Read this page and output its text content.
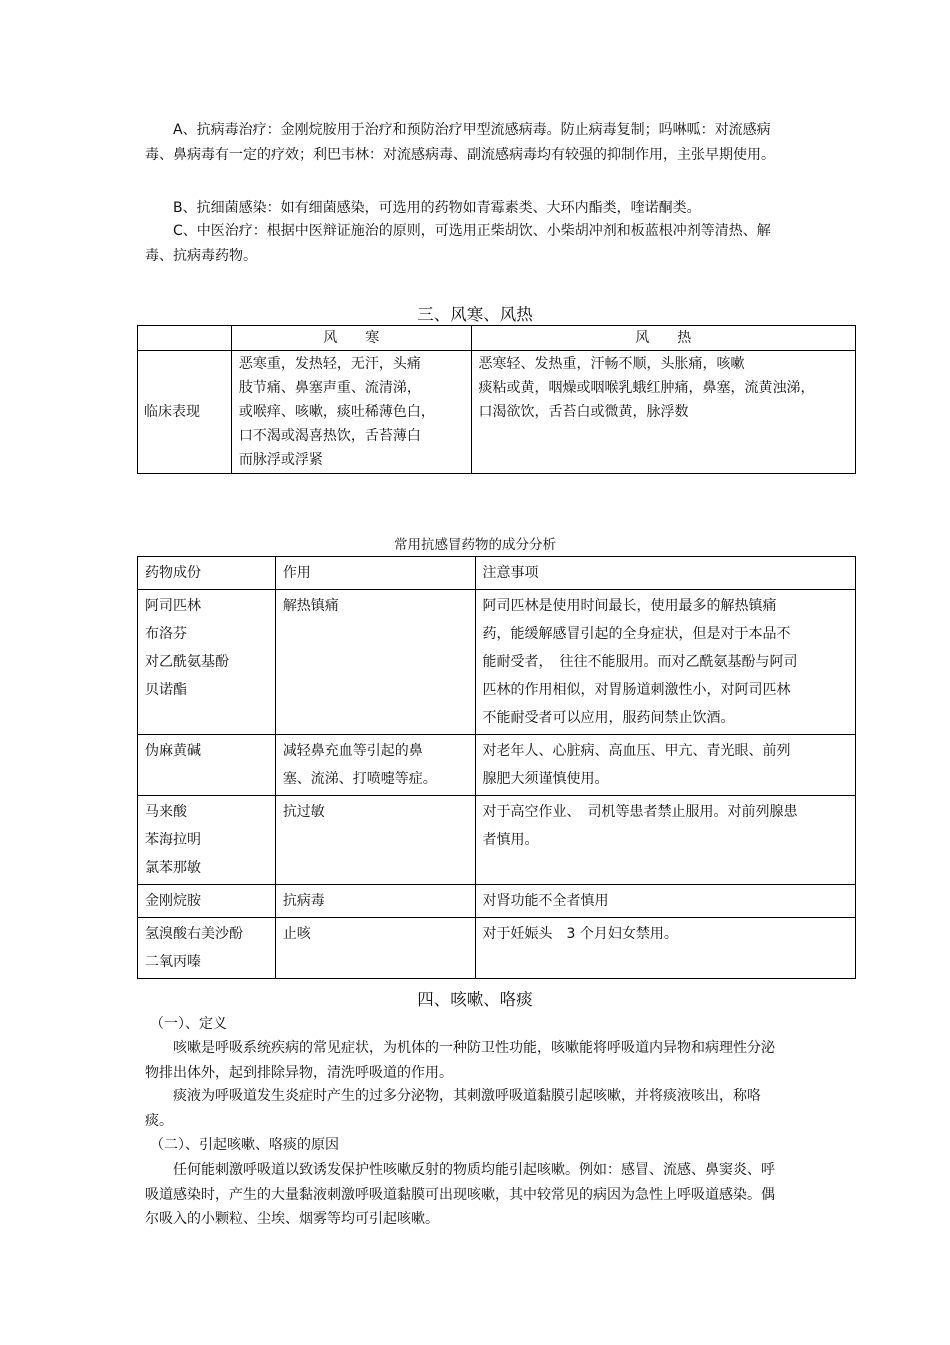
A、抗病毒治疗：金刚烷胺用于治疗和预防治疗甲型流感病毒。防止病毒复制；吗啉呱：对流感病毒、鼻病毒有一定的疗效；利巴韦林：对流感病毒、副流感病毒均有较强的抑制作用，主张早期使用。

B、抗细菌感染：如有细菌感染，可选用的药物如青霉素类、大环内酯类，喹诺酮类。

C、中医治疗：根据中医辩证施治的原则，可选用正柴胡饮、小柴胡冲剂和板蓝根冲剂等清热、解毒、抗病毒药物。

三、风寒、风热
	风　　寒	风　　热
临床表现	恶寒重，发热轻，无汗，头痛
肢节痛、鼻塞声重、流清涕，
或喉痒、咳嗽，痰吐稀薄色白，
口不渴或渴喜热饮，舌苔薄白
而脉浮或浮紧	恶寒轻、发热重，汗畅不顺，头胀痛，咳嗽
痰粘或黄，咽燥或咽喉乳蛾红肿痛，鼻塞，流黄浊涕，
口渴欲饮，舌苔白或微黄，脉浮数

常用抗感冒药物的成分分析

药物成份	作用	注意事项

阿司匹林
布洛芬
对乙酰氨基酚
贝诺酯	解热镇痛	阿司匹林是使用时间最长，使用最多的解热镇痛
药，能缓解感冒引起的全身症状，但是对于本品不
能耐受者，　往往不能服用。而对乙酰氨基酚与阿司
匹林的作用相似，对胃肠道刺激性小，对阿司匹林
不能耐受者可以应用，服药间禁止饮酒。

伪麻黄碱	减轻鼻充血等引起的鼻
塞、流涕、打喷嚏等症。	对老年人、心脏病、高血压、甲亢、青光眼、前列
腺肥大须谨慎使用。

马来酸
苯海拉明
氯苯那敏	抗过敏	对于高空作业、　司机等患者禁止服用。对前列腺患
者慎用。

金刚烷胺	抗病毒	对肾功能不全者慎用

氢溴酸右美沙酚
二氧丙嗪	止咳	对于妊娠头　3 个月妇女禁用。
四、咳嗽、咯痰

（一）、定义

咳嗽是呼吸系统疾病的常见症状，为机体的一种防卫性功能，咳嗽能将呼吸道内异物和病理性分泌物排出体外，起到排除异物，清洗呼吸道的作用。

痰液为呼吸道发生炎症时产生的过多分泌物，其刺激呼吸道黏膜引起咳嗽，并将痰液咳出，称咯痰。

（二）、引起咳嗽、咯痰的原因

任何能刺激呼吸道以致诱发保护性咳嗽反射的物质均能引起咳嗽。例如：感冒、流感、鼻窦炎、呼吸道感染时，产生的大量黏液刺激呼吸道黏膜可出现咳嗽，其中较常见的病因为急性上呼吸道感染。偶尔吸入的小颗粒、尘埃、烟雾等均可引起咳嗽。
